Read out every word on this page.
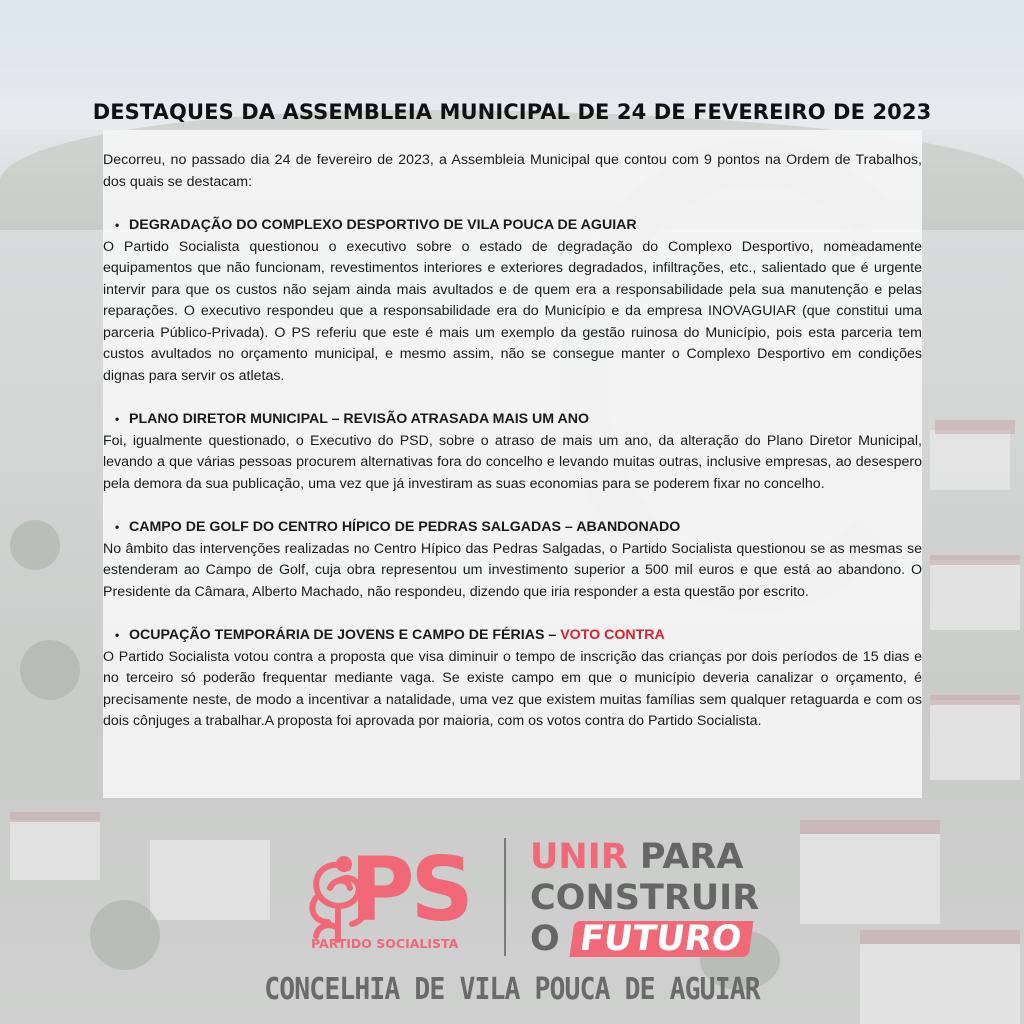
DESTAQUES DA ASSEMBLEIA MUNICIPAL DE 24 DE FEVEREIRO DE 2023

Decorreu, no passado dia 24 de fevereiro de 2023, a Assembleia Municipal que contou com 9 pontos na Ordem de Trabalhos, dos quais se destacam:

• DEGRADAÇÃO DO COMPLEXO DESPORTIVO DE VILA POUCA DE AGUIAR

O Partido Socialista questionou o executivo sobre o estado de degradação do Complexo Desportivo, nomeadamente equipamentos que não funcionam, revestimentos interiores e exteriores degradados, infiltrações, etc., salientado que é urgente intervir para que os custos não sejam ainda mais avultados e de quem era a responsabilidade pela sua manutenção e pelas reparações. O executivo respondeu que a responsabilidade era do Município e da empresa INOVAGUIAR (que constitui uma parceria Público-Privada). O PS referiu que este é mais um exemplo da gestão ruinosa do Município, pois esta parceria tem custos avultados no orçamento municipal, e mesmo assim, não se consegue manter o Complexo Desportivo em condições dignas para servir os atletas.

• PLANO DIRETOR MUNICIPAL – REVISÃO ATRASADA MAIS UM ANO

Foi, igualmente questionado, o Executivo do PSD, sobre o atraso de mais um ano, da alteração do Plano Diretor Municipal, levando a que várias pessoas procurem alternativas fora do concelho e levando muitas outras, inclusive empresas, ao desespero pela demora da sua publicação, uma vez que já investiram as suas economias para se poderem fixar no concelho.

• CAMPO DE GOLF DO CENTRO HÍPICO DE PEDRAS SALGADAS – ABANDONADO

No âmbito das intervenções realizadas no Centro Hípico das Pedras Salgadas, o Partido Socialista questionou se as mesmas se estenderam ao Campo de Golf, cuja obra representou um investimento superior a 500 mil euros e que está ao abandono. O Presidente da Câmara, Alberto Machado, não respondeu, dizendo que iria responder a esta questão por escrito.

• OCUPAÇÃO TEMPORÁRIA DE JOVENS E CAMPO DE FÉRIAS –
VOTO CONTRA

O Partido Socialista votou contra a proposta que visa diminuir o tempo de inscrição das crianças por dois períodos de 15 dias e no terceiro só poderão frequentar mediante vaga. Se existe campo em que o município deveria canalizar o orçamento, é precisamente neste, de modo a incentivar a natalidade, uma vez que existem muitas famílias sem qualquer retaguarda e com os dois cônjuges a trabalhar.A proposta foi aprovada por maioria, com os votos contra do Partido Socialista.

PS
PARTIDO SOCIALISTA
UNIR PARA
CONSTRUIR
O FUTURO
CONCELHIA DE VILA POUCA DE AGUIAR
